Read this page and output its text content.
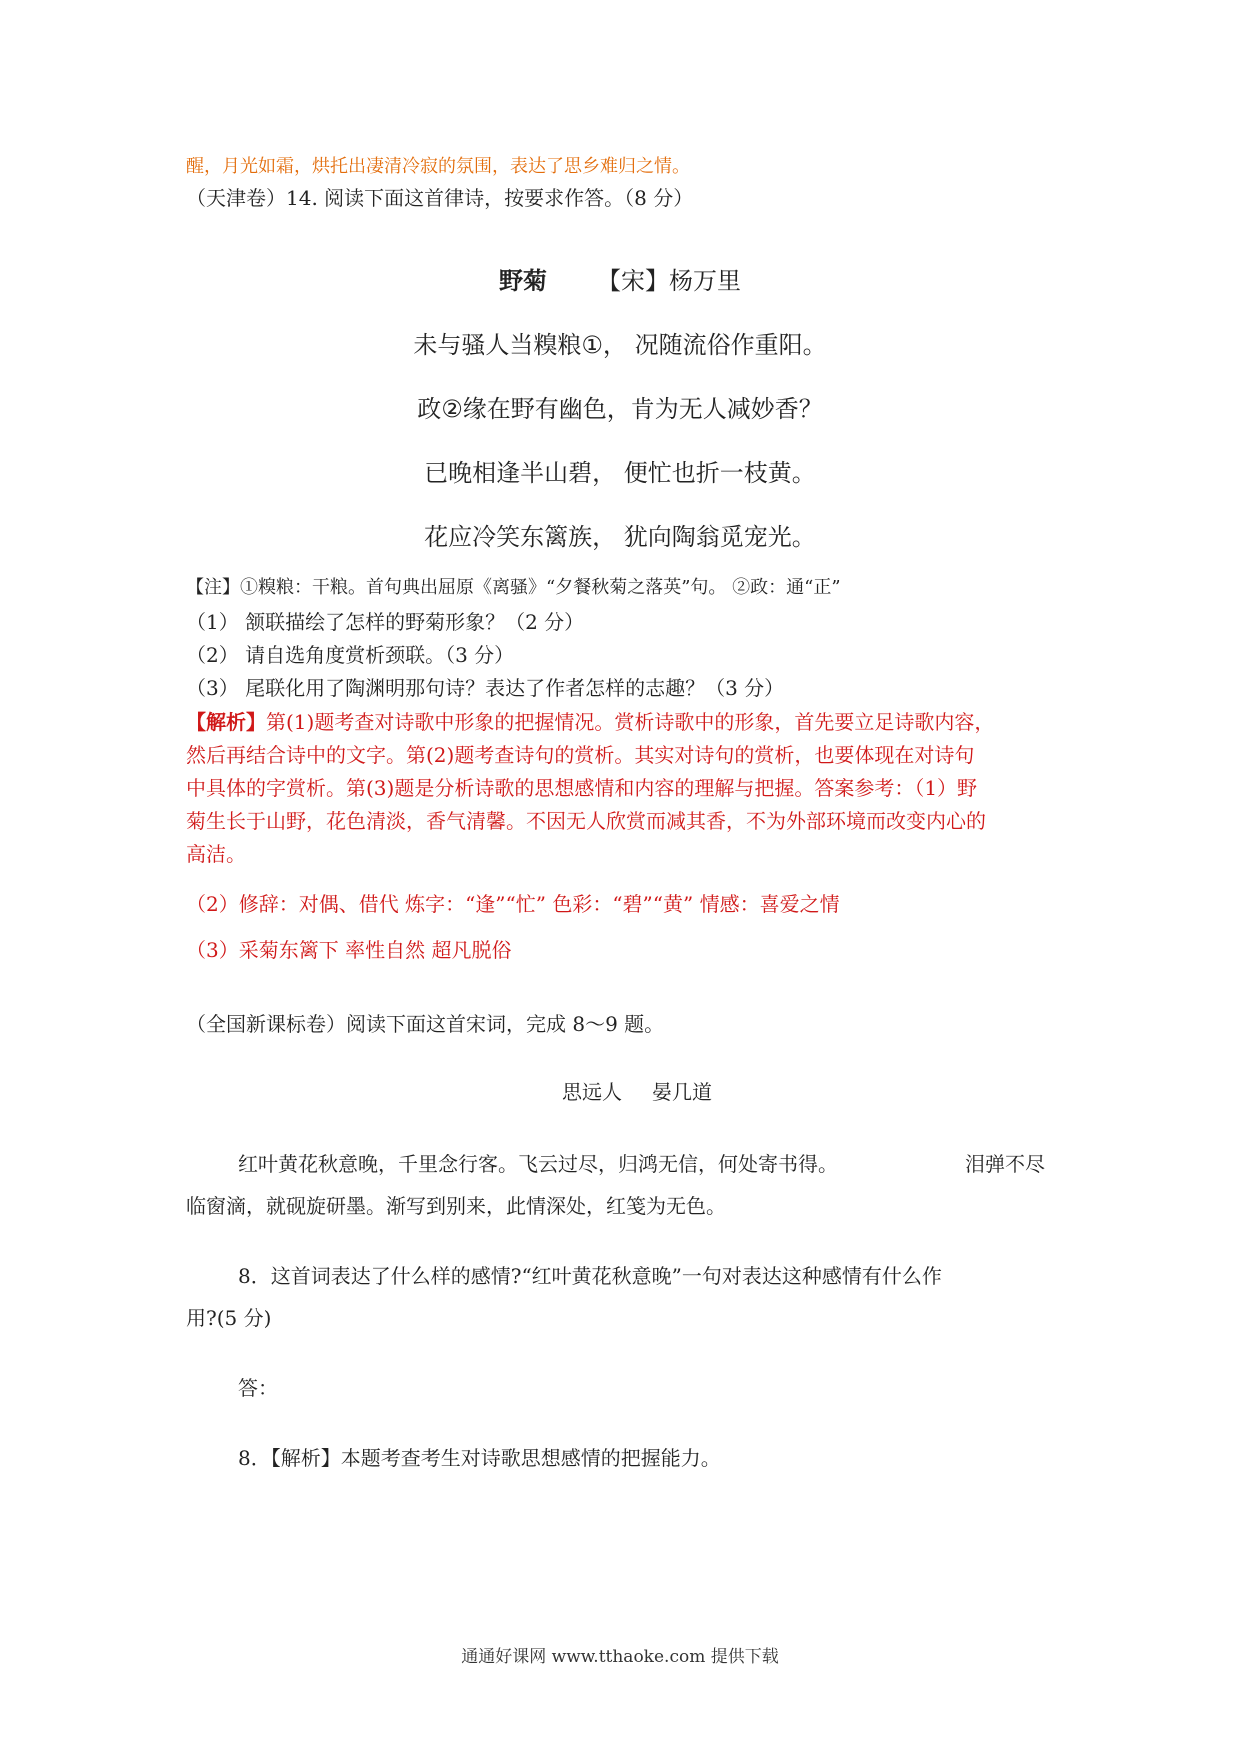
醒，月光如霜，烘托出凄清冷寂的氛围，表达了思乡难归之情。
（天津卷）14. 阅读下面这首律诗，按要求作答。（8 分）
野菊 【宋】杨万里
未与骚人当糗粮①， 况随流俗作重阳。
政②缘在野有幽色，肯为无人减妙香？
已晚相逢半山碧， 便忙也折一枝黄。
花应冷笑东篱族， 犹向陶翁觅宠光。
【注】①糗粮：干粮。首句典出屈原《离骚》“夕餐秋菊之落英”句。 ②政：通“正”
（1） 颔联描绘了怎样的野菊形象？（2 分）
（2） 请自选角度赏析颈联。（3 分）
（3） 尾联化用了陶渊明那句诗？表达了作者怎样的志趣？（3 分）
【解析】第(1)题考查对诗歌中形象的把握情况。赏析诗歌中的形象，首先要立足诗歌内容，
然后再结合诗中的文字。第(2)题考查诗句的赏析。其实对诗句的赏析，也要体现在对诗句
中具体的字赏析。第(3)题是分析诗歌的思想感情和内容的理解与把握。答案参考：（1）野
菊生长于山野，花色清淡，香气清馨。不因无人欣赏而减其香，不为外部环境而改变内心的
高洁。
（2）修辞：对偶、借代 炼字：“逢”“忙” 色彩：“碧”“黄” 情感：喜爱之情
（3）采菊东篱下 率性自然 超凡脱俗
（全国新课标卷）阅读下面这首宋词，完成 8～9 题。
思远人 晏几道
红叶黄花秋意晚，千里念行客。飞云过尽，归鸿无信，何处寄书得。	泪弹不尽
临窗滴，就砚旋研墨。渐写到别来，此情深处，红笺为无色。
8．这首词表达了什么样的感情?“红叶黄花秋意晚”一句对表达这种感情有什么作
用?(5 分)
答：
8．【解析】本题考查考生对诗歌思想感情的把握能力。
通通好课网 www.tthaoke.com 提供下载
